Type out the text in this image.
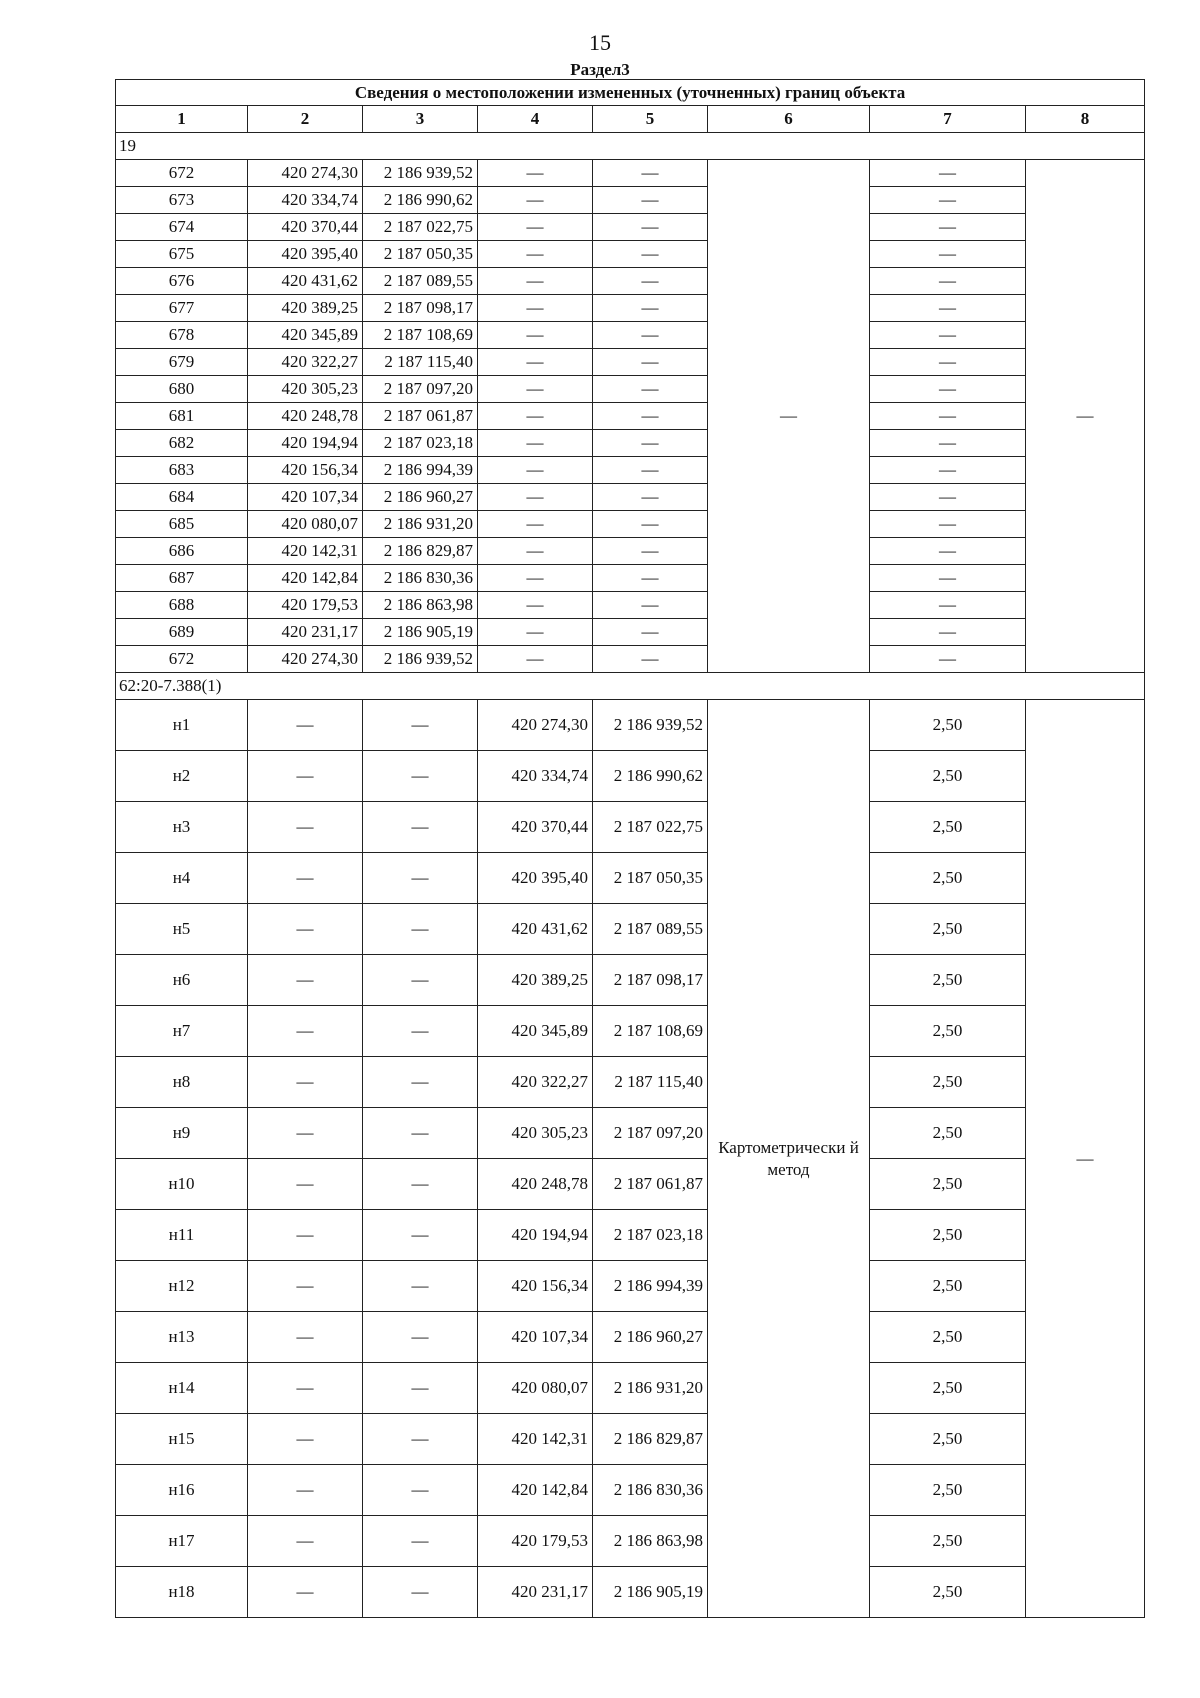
15
Раздел3
Сведения о местоположении измененных (уточненных) границ объекта							
1	2	3	4	5	6	7	8
19							
672	420 274,30	2 186 939,52	—	—	—	—	—
673	420 334,74	2 186 990,62	—	—		—	
674	420 370,44	2 187 022,75	—	—		—	
675	420 395,40	2 187 050,35	—	—		—	
676	420 431,62	2 187 089,55	—	—		—	
677	420 389,25	2 187 098,17	—	—		—	
678	420 345,89	2 187 108,69	—	—		—	
679	420 322,27	2 187 115,40	—	—		—	
680	420 305,23	2 187 097,20	—	—		—	
681	420 248,78	2 187 061,87	—	—		—	
682	420 194,94	2 187 023,18	—	—		—	
683	420 156,34	2 186 994,39	—	—		—	
684	420 107,34	2 186 960,27	—	—		—	
685	420 080,07	2 186 931,20	—	—		—	
686	420 142,31	2 186 829,87	—	—		—	
687	420 142,84	2 186 830,36	—	—		—	
688	420 179,53	2 186 863,98	—	—		—	
689	420 231,17	2 186 905,19	—	—		—	
672	420 274,30	2 186 939,52	—	—		—	
62:20-7.388(1)							
н1	—	—	420 274,30	2 186 939,52	Картометрически й метод	2,50	—
н2	—	—	420 334,74	2 186 990,62		2,50	
н3	—	—	420 370,44	2 187 022,75		2,50	
н4	—	—	420 395,40	2 187 050,35		2,50	
н5	—	—	420 431,62	2 187 089,55		2,50	
н6	—	—	420 389,25	2 187 098,17		2,50	
н7	—	—	420 345,89	2 187 108,69		2,50	
н8	—	—	420 322,27	2 187 115,40		2,50	
н9	—	—	420 305,23	2 187 097,20		2,50	
н10	—	—	420 248,78	2 187 061,87		2,50	
н11	—	—	420 194,94	2 187 023,18		2,50	
н12	—	—	420 156,34	2 186 994,39		2,50	
н13	—	—	420 107,34	2 186 960,27		2,50	
н14	—	—	420 080,07	2 186 931,20		2,50	
н15	—	—	420 142,31	2 186 829,87		2,50	
н16	—	—	420 142,84	2 186 830,36		2,50	
н17	—	—	420 179,53	2 186 863,98		2,50	
н18	—	—	420 231,17	2 186 905,19		2,50	
